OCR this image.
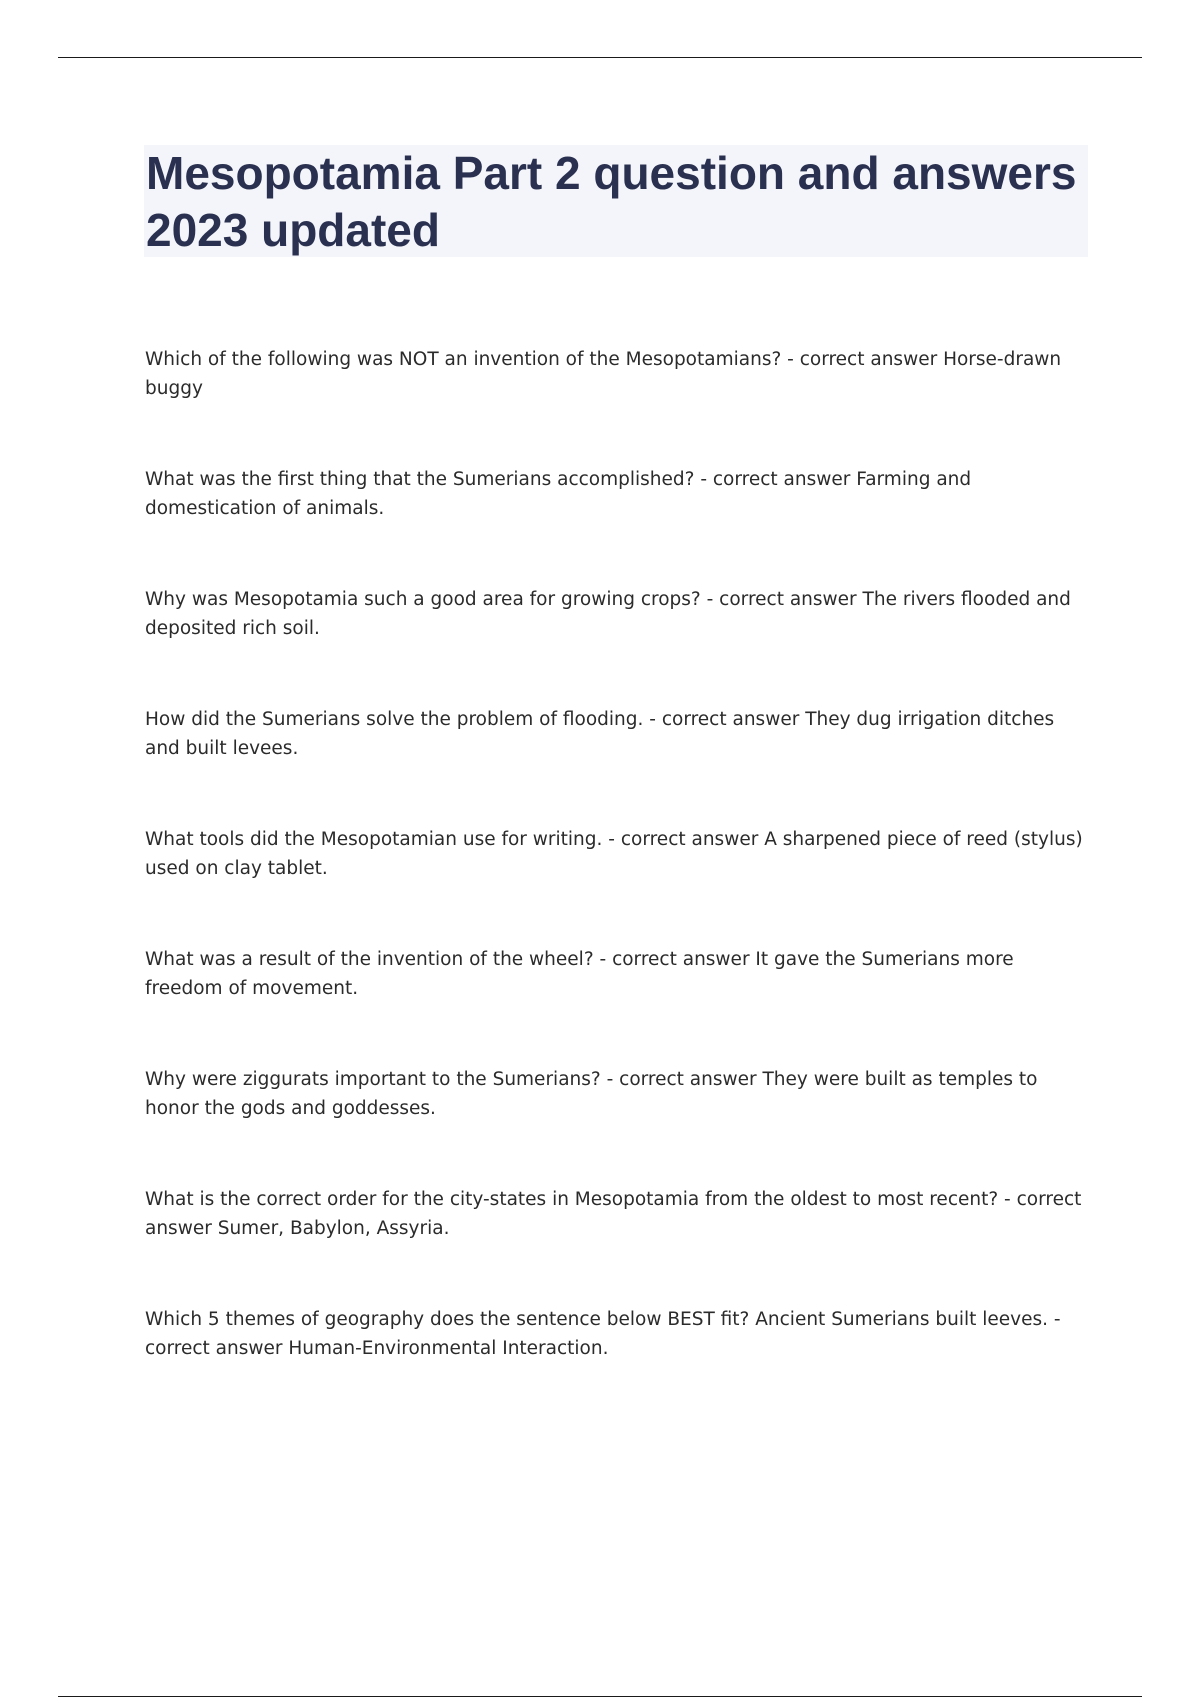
Mesopotamia Part 2 question and answers 2023 updated
Which of the following was NOT an invention of the Mesopotamians? - correct answer Horse-drawn buggy
What was the first thing that the Sumerians accomplished? - correct answer Farming and domestication of animals.
Why was Mesopotamia such a good area for growing crops? - correct answer The rivers flooded and deposited rich soil.
How did the Sumerians solve the problem of flooding. - correct answer They dug irrigation ditches and built levees.
What tools did the Mesopotamian use for writing. - correct answer A sharpened piece of reed (stylus) used on clay tablet.
What was a result of the invention of the wheel? - correct answer It gave the Sumerians more freedom of movement.
Why were ziggurats important to the Sumerians? - correct answer They were built as temples to honor the gods and goddesses.
What is the correct order for the city-states in Mesopotamia from the oldest to most recent? - correct answer Sumer, Babylon, Assyria.
Which 5 themes of geography does the sentence below BEST fit? Ancient Sumerians built leeves. - correct answer Human-Environmental Interaction.
